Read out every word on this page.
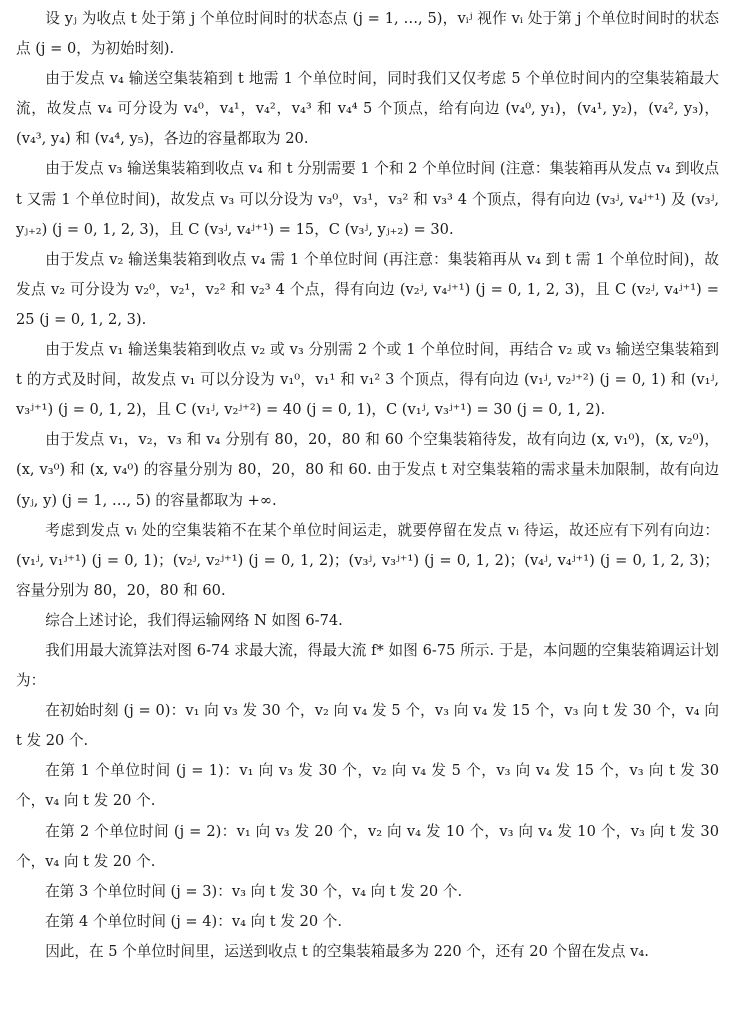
设 yⱼ 为收点 t 处于第 j 个单位时间时的状态点 (j = 1, …, 5)，vᵢʲ 视作 vᵢ 处于第 j 个单位时间时的状态点 (j = 0，为初始时刻).

由于发点 v₄ 输送空集装箱到 t 地需 1 个单位时间，同时我们又仅考虑 5 个单位时间内的空集装箱最大流，故发点 v₄ 可分设为 v₄⁰，v₄¹，v₄²，v₄³ 和 v₄⁴ 5 个顶点，给有向边 (v₄⁰, y₁)，(v₄¹, y₂)，(v₄², y₃)，(v₄³, y₄) 和 (v₄⁴, y₅)，各边的容量都取为 20.

由于发点 v₃ 输送集装箱到收点 v₄ 和 t 分别需要 1 个和 2 个单位时间 (注意：集装箱再从发点 v₄ 到收点 t 又需 1 个单位时间)，故发点 v₃ 可以分设为 v₃⁰，v₃¹，v₃² 和 v₃³ 4 个顶点，得有向边 (v₃ʲ, v₄ʲ⁺¹) 及 (v₃ʲ, yⱼ₊₂) (j = 0, 1, 2, 3)，且 C (v₃ʲ, v₄ʲ⁺¹) = 15，C (v₃ʲ, yⱼ₊₂) = 30.

由于发点 v₂ 输送集装箱到收点 v₄ 需 1 个单位时间 (再注意：集装箱再从 v₄ 到 t 需 1 个单位时间)，故发点 v₂ 可分设为 v₂⁰，v₂¹，v₂² 和 v₂³ 4 个点，得有向边 (v₂ʲ, v₄ʲ⁺¹) (j = 0, 1, 2, 3)，且 C (v₂ʲ, v₄ʲ⁺¹) = 25 (j = 0, 1, 2, 3).

由于发点 v₁ 输送集装箱到收点 v₂ 或 v₃ 分别需 2 个或 1 个单位时间，再结合 v₂ 或 v₃ 输送空集装箱到 t 的方式及时间，故发点 v₁ 可以分设为 v₁⁰，v₁¹ 和 v₁² 3 个顶点，得有向边 (v₁ʲ, v₂ʲ⁺²) (j = 0, 1) 和 (v₁ʲ, v₃ʲ⁺¹) (j = 0, 1, 2)，且 C (v₁ʲ, v₂ʲ⁺²) = 40 (j = 0, 1)，C (v₁ʲ, v₃ʲ⁺¹) = 30 (j = 0, 1, 2).

由于发点 v₁，v₂，v₃ 和 v₄ 分别有 80，20，80 和 60 个空集装箱待发，故有向边 (x, v₁⁰)，(x, v₂⁰)，(x, v₃⁰) 和 (x, v₄⁰) 的容量分别为 80，20，80 和 60. 由于发点 t 对空集装箱的需求量未加限制，故有向边 (yⱼ, y) (j = 1, …, 5) 的容量都取为 +∞.

考虑到发点 vᵢ 处的空集装箱不在某个单位时间运走，就要停留在发点 vᵢ 待运，故还应有下列有向边：(v₁ʲ, v₁ʲ⁺¹) (j = 0, 1)；(v₂ʲ, v₂ʲ⁺¹) (j = 0, 1, 2)；(v₃ʲ, v₃ʲ⁺¹) (j = 0, 1, 2)；(v₄ʲ, v₄ʲ⁺¹) (j = 0, 1, 2, 3)；容量分别为 80，20，80 和 60.

综合上述讨论，我们得运输网络 N 如图 6-74.

我们用最大流算法对图 6-74 求最大流，得最大流 f* 如图 6-75 所示. 于是，本问题的空集装箱调运计划为：

在初始时刻 (j = 0)：v₁ 向 v₃ 发 30 个，v₂ 向 v₄ 发 5 个，v₃ 向 v₄ 发 15 个，v₃ 向 t 发 30 个，v₄ 向 t 发 20 个.

在第 1 个单位时间 (j = 1)：v₁ 向 v₃ 发 30 个，v₂ 向 v₄ 发 5 个，v₃ 向 v₄ 发 15 个，v₃ 向 t 发 30 个，v₄ 向 t 发 20 个.

在第 2 个单位时间 (j = 2)：v₁ 向 v₃ 发 20 个，v₂ 向 v₄ 发 10 个，v₃ 向 v₄ 发 10 个，v₃ 向 t 发 30 个，v₄ 向 t 发 20 个.

在第 3 个单位时间 (j = 3)：v₃ 向 t 发 30 个，v₄ 向 t 发 20 个.

在第 4 个单位时间 (j = 4)：v₄ 向 t 发 20 个.

因此，在 5 个单位时间里，运送到收点 t 的空集装箱最多为 220 个，还有 20 个留在发点 v₄.
